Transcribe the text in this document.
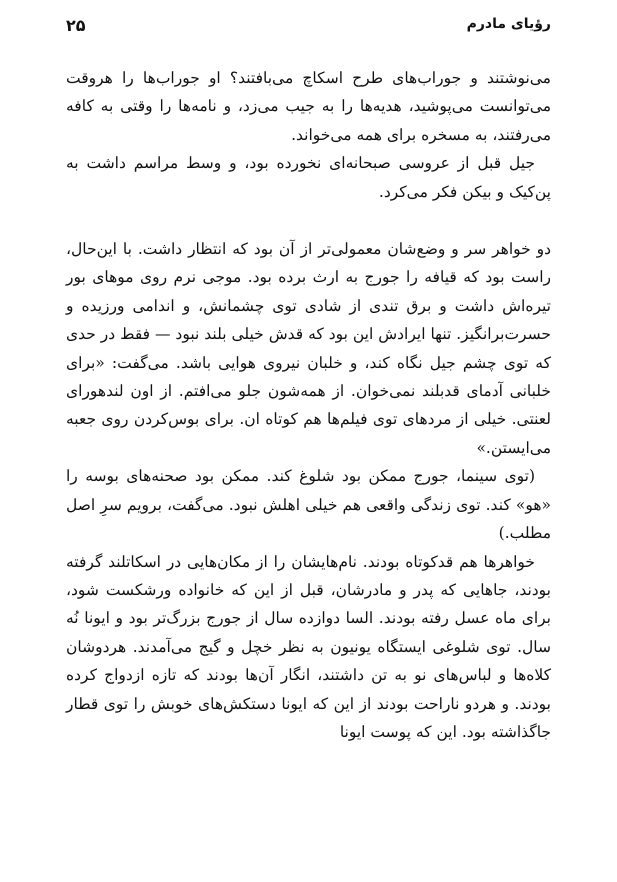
رؤیای مادرم
۲۵

می‌نوشتند و جوراب‌های طرح اسکاچ می‌بافتند؟ او جوراب‌ها را هروقت می‌توانست می‌پوشید، هدیه‌ها را به جیب می‌زد، و نامه‌ها را وقتی به کافه می‌رفتند، به مسخره برای همه می‌خواند.

جیل قبل از عروسی صبحانه‌ای نخورده بود، و وسط مراسم داشت به پن‌کیک و بیکن فکر می‌کرد.

دو خواهر سر و وضع‌شان معمولی‌تر از آن بود که انتظار داشت. با این‌حال، راست بود که قیافه را جورج به ارث برده بود. موجی نرم روی موهای بور تیره‌اش داشت و برق تندی از شادی توی چشمانش، و اندامی ورزیده و حسرت‌برانگیز. تنها ایرادش این بود که قدش خیلی بلند نبود — فقط در حدی که توی چشم جیل نگاه کند، و خلبان نیروی هوایی باشد. می‌گفت: «برای خلبانی آدمای قدبلند نمی‌خوان. از همه‌شون جلو می‌افتم. از اون لندهورای لعنتی. خیلی از مردهای توی فیلم‌ها هم کوتاه ان. برای بوس‌کردن روی جعبه می‌ایستن.»

(توی سینما، جورج ممکن بود شلوغ کند. ممکن بود صحنه‌های بوسه را «هو» کند. توی زندگی واقعی هم خیلی اهلش نبود. می‌گفت، برویم سرِ اصل مطلب.)

خواهرها هم قدکوتاه بودند. نام‌هایشان را از مکان‌هایی در اسکاتلند گرفته بودند، جاهایی که پدر و مادرشان، قبل از این که خانواده ورشکست شود، برای ماه عسل رفته بودند. السا دوازده سال از جورج بزرگ‌تر بود و ایونا نُه سال. توی شلوغی ایستگاه یونیون به نظر خچل و گیج می‌آمدند. هردوشان کلاه‌ها و لباس‌های نو به تن داشتند، انگار آن‌ها بودند که تازه ازدواج کرده بودند. و هردو ناراحت بودند از این که ایونا دستکش‌های خوبش را توی قطار جاگذاشته بود. این که پوست ایونا
